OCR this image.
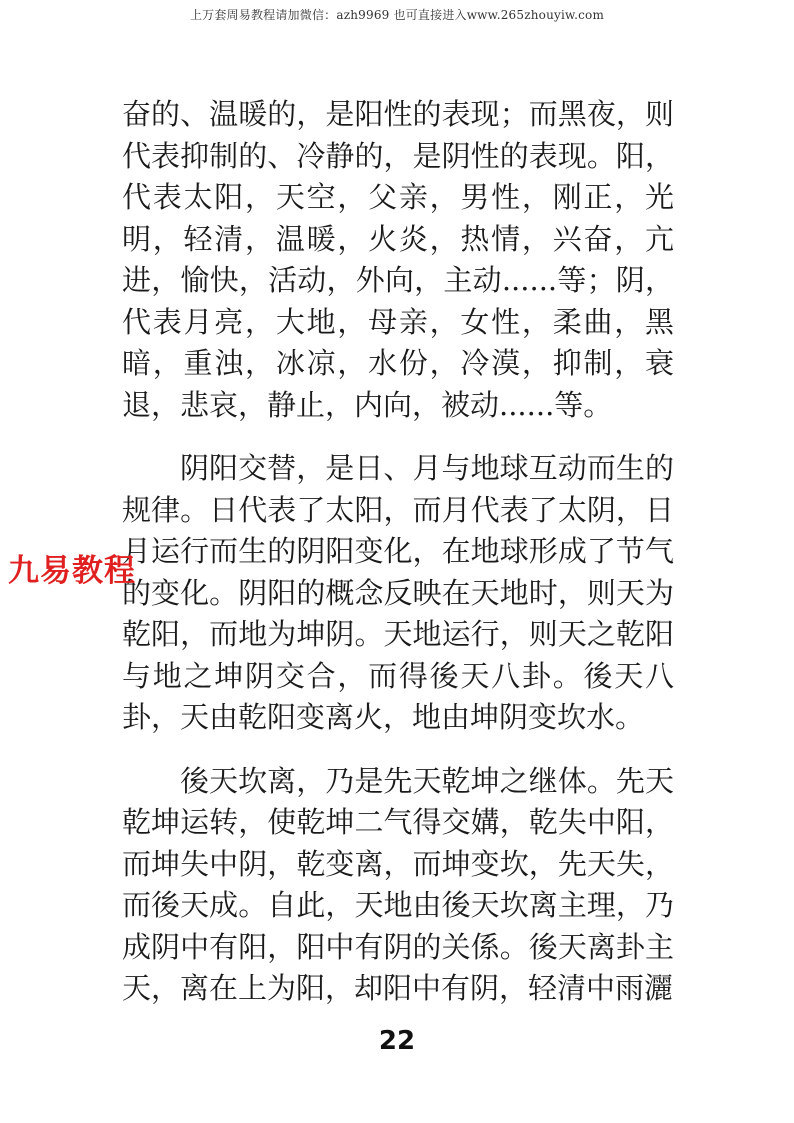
上万套周易教程请加微信：azh9969 也可直接进入www.265zhouyiw.com

奋的、温暖的，是阳性的表现；而黑夜，则代表抑制的、冷静的，是阴性的表现。阳，代表太阳，天空，父亲，男性，刚正，光明，轻清，温暖，火炎，热情，兴奋，亢进，愉快，活动，外向，主动......等；阴，代表月亮，大地，母亲，女性，柔曲，黑暗，重浊，冰凉，水份，冷漠，抑制，衰退，悲哀，静止，内向，被动......等。

阴阳交替，是日、月与地球互动而生的规律。日代表了太阳，而月代表了太阴，日月运行而生的阴阳变化，在地球形成了节气的变化。阴阳的概念反映在天地时，则天为乾阳，而地为坤阴。天地运行，则天之乾阳与地之坤阴交合，而得後天八卦。後天八卦，天由乾阳变离火，地由坤阴变坎水。

後天坎离，乃是先天乾坤之继体。先天乾坤运转，使乾坤二气得交媾，乾失中阳，而坤失中阴，乾变离，而坤变坎，先天失，而後天成。自此，天地由後天坎离主理，乃成阴中有阳，阳中有阴的关係。後天离卦主天，离在上为阳，却阳中有阴，轻清中雨灑

九易教程
22
